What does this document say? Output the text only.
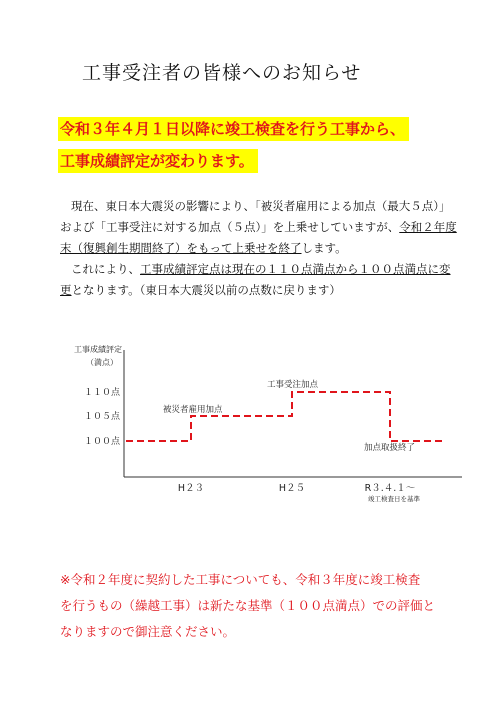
工事受注者の皆様へのお知らせ
令和３年４月１日以降に竣工検査を行う工事から、
工事成績評定が変わります。

現在、東日本大震災の影響により、「被災者雇用による加点（最大５点）」および「工事受注に対する加点（５点）」を上乗せしていますが、令和２年度末（復興創生期間終了）をもって上乗せを終了します。

これにより、工事成績評定点は現在の１１０点満点から１００点満点に変更となります。（東日本大震災以前の点数に戻ります）

工事成績評定
（満点）
１１０点
１０５点
１００点
H２３	H２５	R３.４.１～
竣工検査日を基準
被災者雇用加点
工事受注加点
加点取扱終了

※令和２年度に契約した工事についても、令和３年度に竣工検査

を行うもの（繰越工事）は新たな基準（１００点満点）での評価と

なりますので御注意ください。
